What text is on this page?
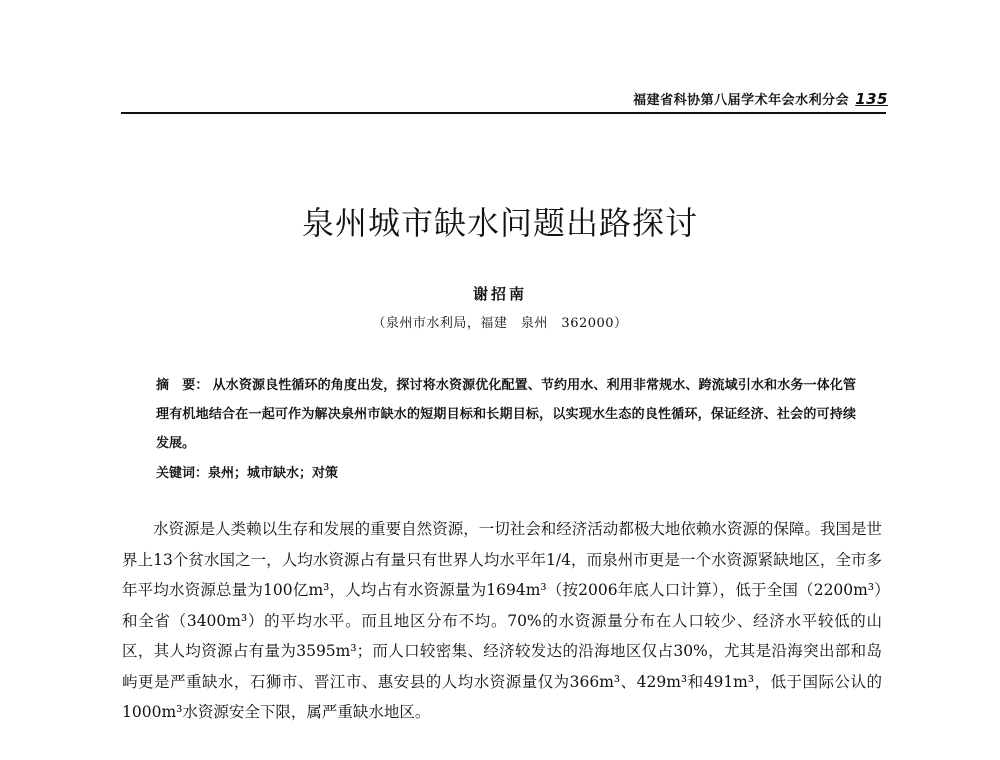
福建省科协第八届学术年会水利分会 135
泉州城市缺水问题出路探讨
谢招南
（泉州市水利局，福建　泉州　362000）

摘　要： 从水资源良性循环的角度出发，探讨将水资源优化配置、节约用水、利用非常规水、跨流域引水和水务一体化管理有机地结合在一起可作为解决泉州市缺水的短期目标和长期目标，以实现水生态的良性循环，保证经济、社会的可持续发展。

关键词：泉州；城市缺水；对策

水资源是人类赖以生存和发展的重要自然资源，一切社会和经济活动都极大地依赖水资源的保障。我国是世界上13个贫水国之一，人均水资源占有量只有世界人均水平年1/4，而泉州市更是一个水资源紧缺地区，全市多年平均水资源总量为100亿m³，人均占有水资源量为1694m³（按2006年底人口计算），低于全国（2200m³）和全省（3400m³）的平均水平。而且地区分布不均。70%的水资源量分布在人口较少、经济水平较低的山区，其人均资源占有量为3595m³；而人口较密集、经济较发达的沿海地区仅占30%，尤其是沿海突出部和岛屿更是严重缺水，石狮市、晋江市、惠安县的人均水资源量仅为366m³、429m³和491m³，低于国际公认的1000m³水资源安全下限，属严重缺水地区。
